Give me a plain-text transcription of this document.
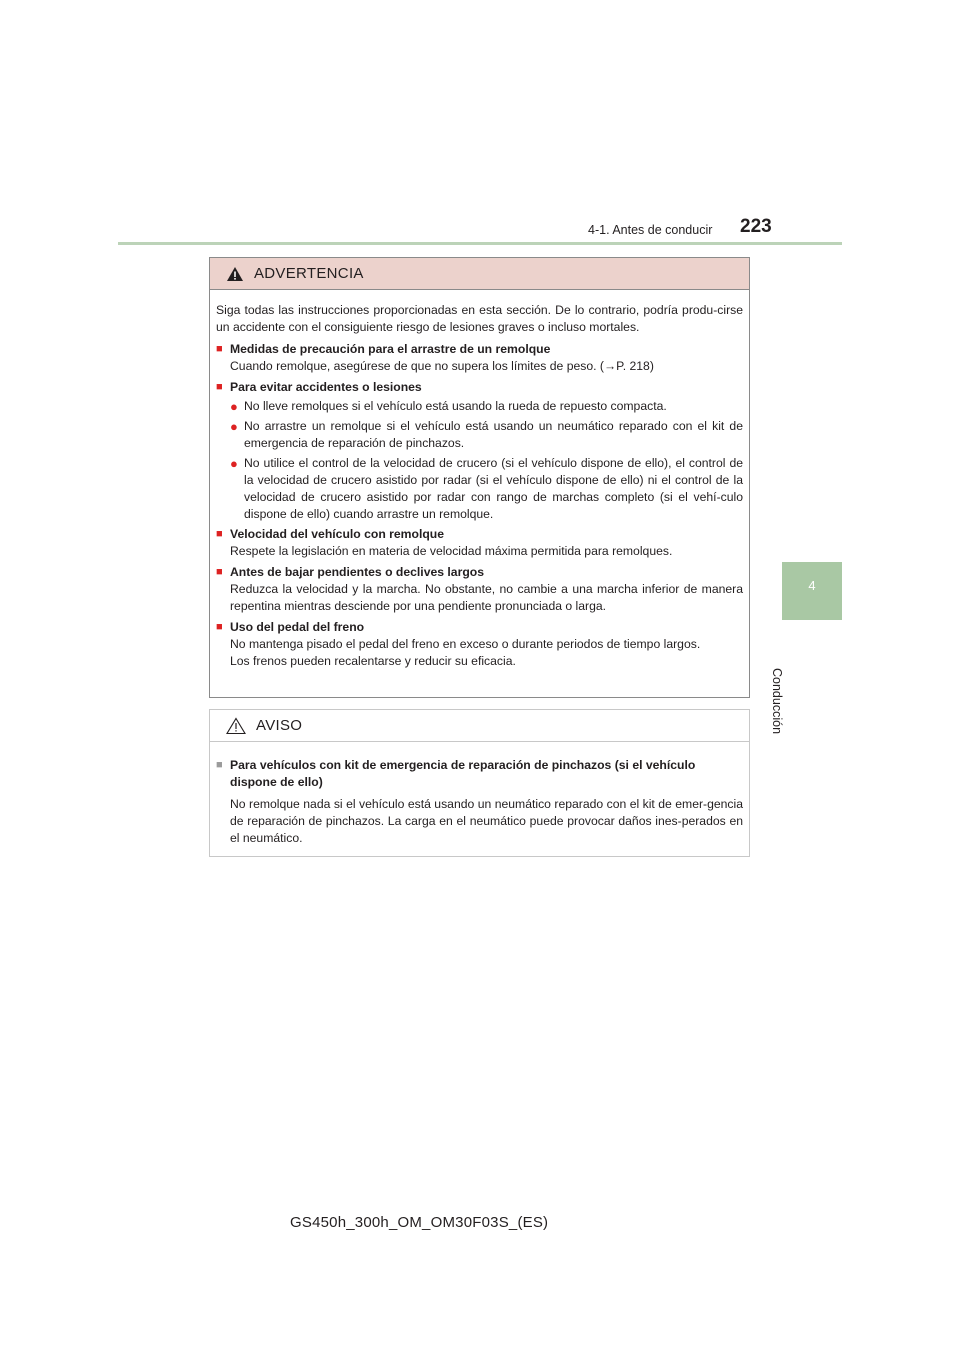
4-1. Antes de conducir 223
4
Conducción
ADVERTENCIA

Siga todas las instrucciones proporcionadas en esta sección. De lo contrario, podría produ-cirse un accidente con el consiguiente riesgo de lesiones graves o incluso mortales.

■ Medidas de precaución para el arrastre de un remolque
Cuando remolque, asegúrese de que no supera los límites de peso. (→P. 218)
■ Para evitar accidentes o lesiones
● No lleve remolques si el vehículo está usando la rueda de repuesto compacta.
● No arrastre un remolque si el vehículo está usando un neumático reparado con el kit de emergencia de reparación de pinchazos.
● No utilice el control de la velocidad de crucero (si el vehículo dispone de ello), el control de la velocidad de crucero asistido por radar (si el vehículo dispone de ello) ni el control de la velocidad de crucero asistido por radar con rango de marchas completo (si el vehí-culo dispone de ello) cuando arrastre un remolque.
■ Velocidad del vehículo con remolque
Respete la legislación en materia de velocidad máxima permitida para remolques.
■ Antes de bajar pendientes o declives largos
Reduzca la velocidad y la marcha. No obstante, no cambie a una marcha inferior de manera repentina mientras desciende por una pendiente pronunciada o larga.
■ Uso del pedal del freno
No mantenga pisado el pedal del freno en exceso o durante periodos de tiempo largos.
Los frenos pueden recalentarse y reducir su eficacia.
AVISO
■ Para vehículos con kit de emergencia de reparación de pinchazos (si el vehículo dispone de ello)
No remolque nada si el vehículo está usando un neumático reparado con el kit de emer-gencia de reparación de pinchazos. La carga en el neumático puede provocar daños ines-perados en el neumático.
GS450h_300h_OM_OM30F03S_(ES)
